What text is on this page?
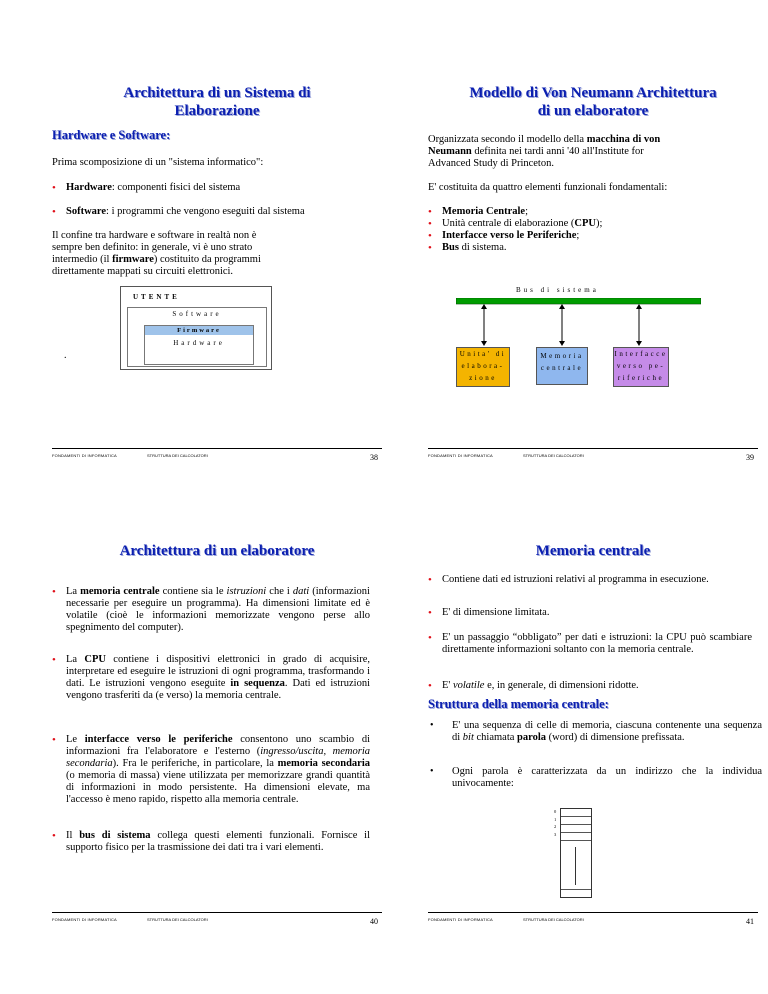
Architettura di un Sistema di
Elaborazione

Hardware e Software:
Prima scomposizione di un "sistema informatico":
• Hardware: componenti fisici del sistema
• Software: i programmi che vengono eseguiti dal sistema
Il confine tra hardware e software in realtà non è
sempre ben definito: in generale, vi è uno strato
intermedio (il firmware) costituito da programmi
direttamente mappati su circuiti elettronici.
UTENTE
Software
Firmware
Hardware
.
FONDAMENTI DI INFORMATICA	STRUTTURA DEI CALCOLATORI	38

Modello di Von Neumann Architettura
di un elaboratore

Organizzata secondo il modello della macchina di von
Neumann definita nei tardi anni '40 all'Institute for
Advanced Study di Princeton.
E' costituita da quattro elementi funzionali fondamentali:
• Memoria Centrale;
• Unità centrale di elaborazione (CPU);
• Interfacce verso le Periferiche;
• Bus di sistema.
Bus di sistema
Unita' di
elabora-
zione
Memoria
centrale
Interfacce
verso pe-
riferiche
FONDAMENTI DI INFORMATICA	STRUTTURA DEI CALCOLATORI	39

Architettura di un elaboratore

• La memoria centrale contiene sia le istruzioni che i dati (informazioni necessarie per eseguire un programma). Ha dimensioni limitate ed è volatile (cioè le informazioni memorizzate vengono perse allo spegnimento del computer).
• La CPU contiene i dispositivi elettronici in grado di acquisire, interpretare ed eseguire le istruzioni di ogni programma, trasformando i dati. Le istruzioni vengono eseguite in sequenza. Dati ed istruzioni vengono trasferiti da (e verso) la memoria centrale.
• Le interfacce verso le periferiche consentono uno scambio di informazioni fra l'elaboratore e l'esterno (ingresso/uscita, memoria secondaria). Fra le periferiche, in particolare, la memoria secondaria (o memoria di massa) viene utilizzata per memorizzare grandi quantità di informazioni in modo persistente. Ha dimensioni elevate, ma l'accesso è meno rapido, rispetto alla memoria centrale.
• Il bus di sistema collega questi elementi funzionali. Fornisce il supporto fisico per la trasmissione dei dati tra i vari elementi.
FONDAMENTI DI INFORMATICA	STRUTTURA DEI CALCOLATORI	40

Memoria centrale

• Contiene dati ed istruzioni relativi al programma in esecuzione.
• E' di dimensione limitata.
• E' un passaggio “obbligato” per dati e istruzioni: la CPU può scambiare direttamente informazioni soltanto con la memoria centrale.
• E' volatile e, in generale, di dimensioni ridotte.
Struttura della memoria centrale:
• E' una sequenza di celle di memoria, ciascuna contenente una sequenza di bit chiamata parola (word) di dimensione prefissata.
• Ogni parola è caratterizzata da un indirizzo che la individua univocamente:
0
1
2
3
FONDAMENTI DI INFORMATICA	STRUTTURA DEI CALCOLATORI	41
